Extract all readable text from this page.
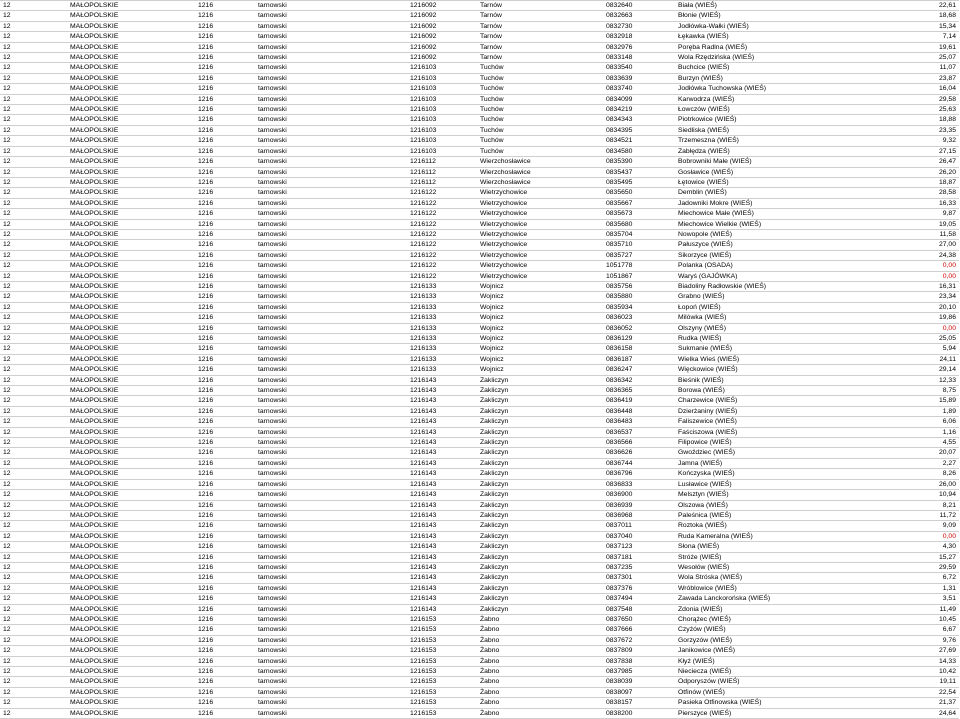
12	MAŁOPOLSKIE	1216	tarnowski	1216092	Tarnów	0832640	Biała (WIEŚ)	22,61
12	MAŁOPOLSKIE	1216	tarnowski	1216092	Tarnów	0832663	Błonie (WIEŚ)	18,68
12	MAŁOPOLSKIE	1216	tarnowski	1216092	Tarnów	0832730	Jodłówka-Wałki (WIEŚ)	15,34
12	MAŁOPOLSKIE	1216	tarnowski	1216092	Tarnów	0832918	Łękawka (WIEŚ)	7,14
12	MAŁOPOLSKIE	1216	tarnowski	1216092	Tarnów	0832976	Poręba Radlna (WIEŚ)	19,61
12	MAŁOPOLSKIE	1216	tarnowski	1216092	Tarnów	0833148	Wola Rzędzińska (WIEŚ)	25,07
12	MAŁOPOLSKIE	1216	tarnowski	1216103	Tuchów	0833540	Buchcice (WIEŚ)	11,07
12	MAŁOPOLSKIE	1216	tarnowski	1216103	Tuchów	0833639	Burzyn (WIEŚ)	23,87
12	MAŁOPOLSKIE	1216	tarnowski	1216103	Tuchów	0833740	Jodłówka Tuchowska (WIEŚ)	16,04
12	MAŁOPOLSKIE	1216	tarnowski	1216103	Tuchów	0834099	Karwodrza (WIEŚ)	29,58
12	MAŁOPOLSKIE	1216	tarnowski	1216103	Tuchów	0834219	Łowczów (WIEŚ)	25,63
12	MAŁOPOLSKIE	1216	tarnowski	1216103	Tuchów	0834343	Piotrkowice (WIEŚ)	18,88
12	MAŁOPOLSKIE	1216	tarnowski	1216103	Tuchów	0834395	Siedliska (WIEŚ)	23,35
12	MAŁOPOLSKIE	1216	tarnowski	1216103	Tuchów	0834521	Trzemeszna (WIEŚ)	9,32
12	MAŁOPOLSKIE	1216	tarnowski	1216103	Tuchów	0834580	Zabłędza (WIEŚ)	27,15
12	MAŁOPOLSKIE	1216	tarnowski	1216112	Wierzchosławice	0835390	Bobrowniki Małe (WIEŚ)	26,47
12	MAŁOPOLSKIE	1216	tarnowski	1216112	Wierzchosławice	0835437	Gosławice (WIEŚ)	26,20
12	MAŁOPOLSKIE	1216	tarnowski	1216112	Wierzchosławice	0835495	Łętowice (WIEŚ)	18,87
12	MAŁOPOLSKIE	1216	tarnowski	1216122	Wietrzychowice	0835650	Demblin (WIEŚ)	28,58
12	MAŁOPOLSKIE	1216	tarnowski	1216122	Wietrzychowice	0835667	Jadowniki Mokre (WIEŚ)	16,33
12	MAŁOPOLSKIE	1216	tarnowski	1216122	Wietrzychowice	0835673	Miechowice Małe (WIEŚ)	9,87
12	MAŁOPOLSKIE	1216	tarnowski	1216122	Wietrzychowice	0835680	Miechowice Wielkie (WIEŚ)	19,05
12	MAŁOPOLSKIE	1216	tarnowski	1216122	Wietrzychowice	0835704	Nowopole (WIEŚ)	11,58
12	MAŁOPOLSKIE	1216	tarnowski	1216122	Wietrzychowice	0835710	Pałuszyce (WIEŚ)	27,00
12	MAŁOPOLSKIE	1216	tarnowski	1216122	Wietrzychowice	0835727	Sikorzyce (WIEŚ)	24,38
12	MAŁOPOLSKIE	1216	tarnowski	1216122	Wietrzychowice	1051778	Polanka (OSADA)	0,00
12	MAŁOPOLSKIE	1216	tarnowski	1216122	Wietrzychowice	1051867	Waryś (GAJÓWKA)	0,00
12	MAŁOPOLSKIE	1216	tarnowski	1216133	Wojnicz	0835756	Biadoliny Radłowskie (WIEŚ)	16,31
12	MAŁOPOLSKIE	1216	tarnowski	1216133	Wojnicz	0835880	Grabno (WIEŚ)	23,34
12	MAŁOPOLSKIE	1216	tarnowski	1216133	Wojnicz	0835934	Łopoń (WIEŚ)	20,10
12	MAŁOPOLSKIE	1216	tarnowski	1216133	Wojnicz	0836023	Milówka (WIEŚ)	19,86
12	MAŁOPOLSKIE	1216	tarnowski	1216133	Wojnicz	0836052	Olszyny (WIEŚ)	0,00
12	MAŁOPOLSKIE	1216	tarnowski	1216133	Wojnicz	0836129	Rudka (WIEŚ)	25,05
12	MAŁOPOLSKIE	1216	tarnowski	1216133	Wojnicz	0836158	Sukmanie (WIEŚ)	5,94
12	MAŁOPOLSKIE	1216	tarnowski	1216133	Wojnicz	0836187	Wielka Wieś (WIEŚ)	24,11
12	MAŁOPOLSKIE	1216	tarnowski	1216133	Wojnicz	0836247	Więckowice (WIEŚ)	29,14
12	MAŁOPOLSKIE	1216	tarnowski	1216143	Zakliczyn	0836342	Bieśnik (WIEŚ)	12,33
12	MAŁOPOLSKIE	1216	tarnowski	1216143	Zakliczyn	0836365	Borowa (WIEŚ)	8,75
12	MAŁOPOLSKIE	1216	tarnowski	1216143	Zakliczyn	0836419	Charzewice (WIEŚ)	15,89
12	MAŁOPOLSKIE	1216	tarnowski	1216143	Zakliczyn	0836448	Dzierżaniny (WIEŚ)	1,89
12	MAŁOPOLSKIE	1216	tarnowski	1216143	Zakliczyn	0836483	Faliszewice (WIEŚ)	6,06
12	MAŁOPOLSKIE	1216	tarnowski	1216143	Zakliczyn	0836537	Faściszowa (WIEŚ)	1,16
12	MAŁOPOLSKIE	1216	tarnowski	1216143	Zakliczyn	0836566	Filipowice (WIEŚ)	4,55
12	MAŁOPOLSKIE	1216	tarnowski	1216143	Zakliczyn	0836626	Gwoździec (WIEŚ)	20,07
12	MAŁOPOLSKIE	1216	tarnowski	1216143	Zakliczyn	0836744	Jamna (WIEŚ)	2,27
12	MAŁOPOLSKIE	1216	tarnowski	1216143	Zakliczyn	0836796	Kończyska (WIEŚ)	8,26
12	MAŁOPOLSKIE	1216	tarnowski	1216143	Zakliczyn	0836833	Lusławice (WIEŚ)	26,00
12	MAŁOPOLSKIE	1216	tarnowski	1216143	Zakliczyn	0836900	Melsztyn (WIEŚ)	10,94
12	MAŁOPOLSKIE	1216	tarnowski	1216143	Zakliczyn	0836939	Olszowa (WIEŚ)	8,21
12	MAŁOPOLSKIE	1216	tarnowski	1216143	Zakliczyn	0836968	Paleśnica (WIEŚ)	11,72
12	MAŁOPOLSKIE	1216	tarnowski	1216143	Zakliczyn	0837011	Roztoka (WIEŚ)	9,09
12	MAŁOPOLSKIE	1216	tarnowski	1216143	Zakliczyn	0837040	Ruda Kameralna (WIEŚ)	0,00
12	MAŁOPOLSKIE	1216	tarnowski	1216143	Zakliczyn	0837123	Słona (WIEŚ)	4,30
12	MAŁOPOLSKIE	1216	tarnowski	1216143	Zakliczyn	0837181	Stróże (WIEŚ)	15,27
12	MAŁOPOLSKIE	1216	tarnowski	1216143	Zakliczyn	0837235	Wesołów (WIEŚ)	29,59
12	MAŁOPOLSKIE	1216	tarnowski	1216143	Zakliczyn	0837301	Wola Stróska (WIEŚ)	6,72
12	MAŁOPOLSKIE	1216	tarnowski	1216143	Zakliczyn	0837376	Wróblowice (WIEŚ)	1,31
12	MAŁOPOLSKIE	1216	tarnowski	1216143	Zakliczyn	0837494	Zawada Lanckorońska (WIEŚ)	3,51
12	MAŁOPOLSKIE	1216	tarnowski	1216143	Zakliczyn	0837548	Zdonia (WIEŚ)	11,49
12	MAŁOPOLSKIE	1216	tarnowski	1216153	Żabno	0837650	Chorążec (WIEŚ)	10,45
12	MAŁOPOLSKIE	1216	tarnowski	1216153	Żabno	0837666	Czyżów (WIEŚ)	6,67
12	MAŁOPOLSKIE	1216	tarnowski	1216153	Żabno	0837672	Gorzyzów (WIEŚ)	9,76
12	MAŁOPOLSKIE	1216	tarnowski	1216153	Żabno	0837809	Janikowice (WIEŚ)	27,69
12	MAŁOPOLSKIE	1216	tarnowski	1216153	Żabno	0837838	Kłyż (WIEŚ)	14,33
12	MAŁOPOLSKIE	1216	tarnowski	1216153	Żabno	0837985	Niecieczа (WIEŚ)	10,42
12	MAŁOPOLSKIE	1216	tarnowski	1216153	Żabno	0838039	Odporyszów (WIEŚ)	19,11
12	MAŁOPOLSKIE	1216	tarnowski	1216153	Żabno	0838097	Otfinów (WIEŚ)	22,54
12	MAŁOPOLSKIE	1216	tarnowski	1216153	Żabno	0838157	Pasieka Otfinowska (WIEŚ)	21,37
12	MAŁOPOLSKIE	1216	tarnowski	1216153	Żabno	0838200	Pierszyce (WIEŚ)	24,64
